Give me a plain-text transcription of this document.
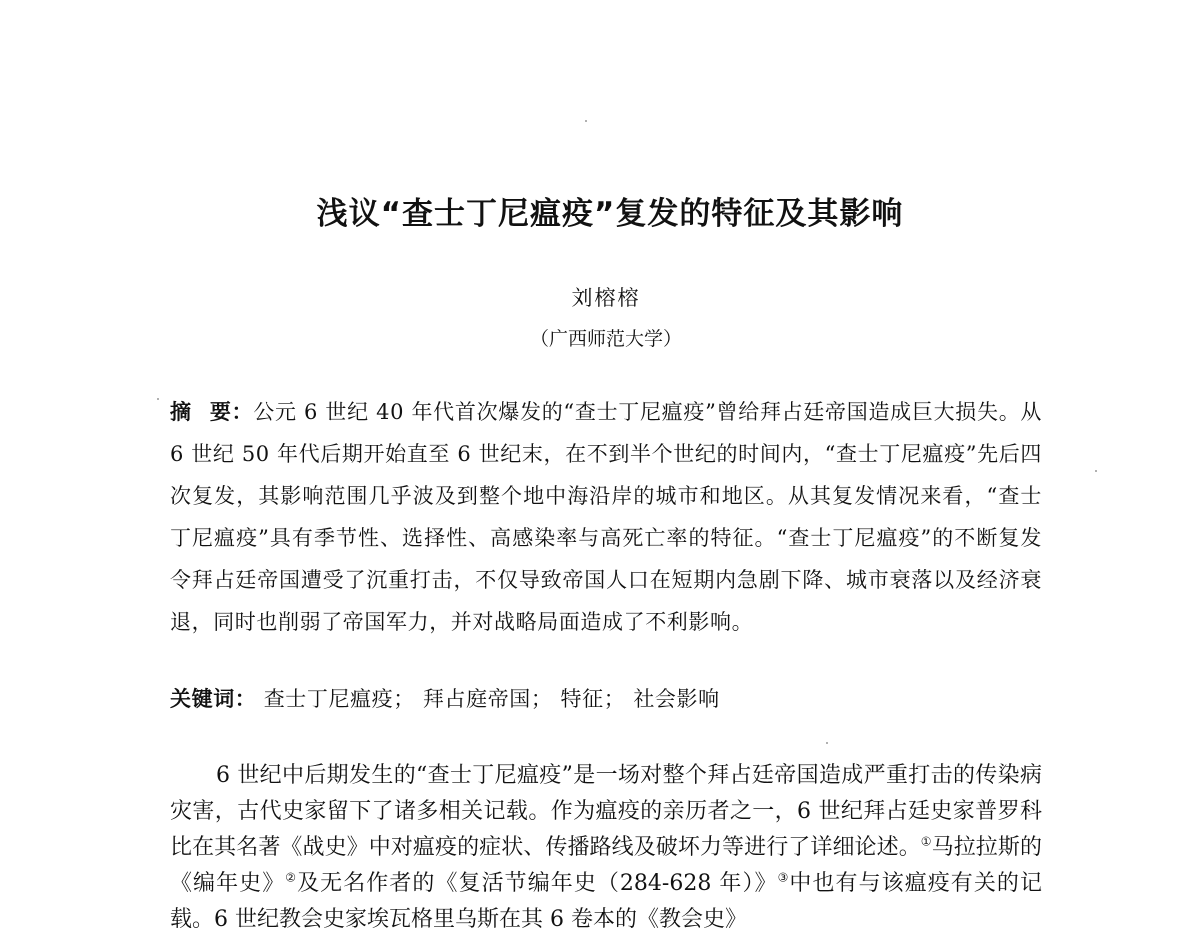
浅议“查士丁尼瘟疫”复发的特征及其影响
刘榕榕
（广西师范大学）
摘 要：公元 6 世纪 40 年代首次爆发的“查士丁尼瘟疫”曾给拜占廷帝国造成巨大损失。从 6 世纪 50 年代后期开始直至 6 世纪末，在不到半个世纪的时间内，“查士丁尼瘟疫”先后四次复发，其影响范围几乎波及到整个地中海沿岸的城市和地区。从其复发情况来看，“查士丁尼瘟疫”具有季节性、选择性、高感染率与高死亡率的特征。“查士丁尼瘟疫”的不断复发令拜占廷帝国遭受了沉重打击，不仅导致帝国人口在短期内急剧下降、城市衰落以及经济衰退，同时也削弱了帝国军力，并对战略局面造成了不利影响。
关键词： 查士丁尼瘟疫； 拜占庭帝国； 特征； 社会影响

6 世纪中后期发生的“查士丁尼瘟疫”是一场对整个拜占廷帝国造成严重打击的传染病灾害，古代史家留下了诸多相关记载。作为瘟疫的亲历者之一，6 世纪拜占廷史家普罗科比在其名著《战史》中对瘟疫的症状、传播路线及破坏力等进行了详细论述。①马拉拉斯的《编年史》②及无名作者的《复活节编年史（284-628 年）》③中也有与该瘟疫有关的记载。6 世纪教会史家埃瓦格里乌斯在其 6 卷本的《教会史》
